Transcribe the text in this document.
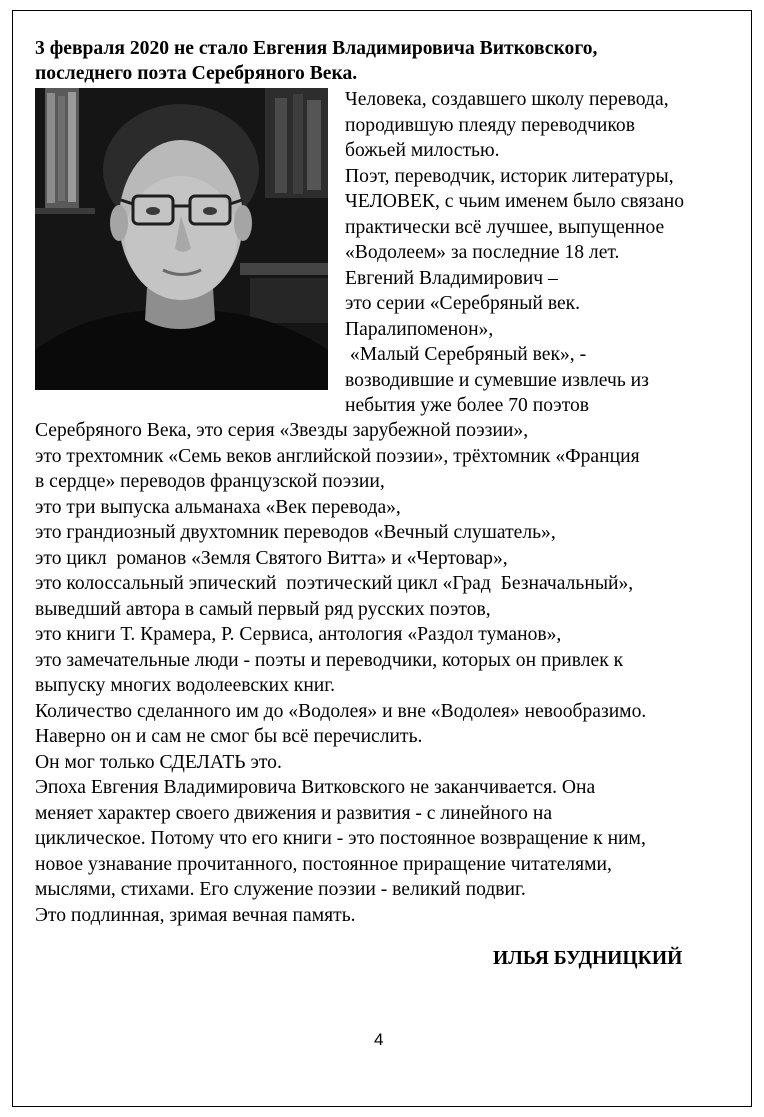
3 февраля 2020 не стало Евгения Владимировича Витковского,
последнего поэта Серебряного Века.
Человека, создавшего школу перевода,
породившую плеяду переводчиков
божьей милостью.
Поэт, переводчик, историк литературы,
ЧЕЛОВЕК, с чьим именем было связано
практически всё лучшее, выпущенное
«Водолеем» за последние 18 лет.
Евгений Владимирович –
это серии «Серебряный век.
Паралипоменон»,
«Малый Серебряный век», -
возводившие и сумевшие извлечь из
небытия уже более 70 поэтов
Серебряного Века, это серия «Звезды зарубежной поэзии»,
это трехтомник «Семь веков английской поэзии», трёхтомник «Франция
в сердце» переводов французской поэзии,
это три выпуска альманаха «Век перевода»,
это грандиозный двухтомник переводов «Вечный слушатель»,
это цикл  романов «Земля Святого Витта» и «Чертовар»,
это колоссальный эпический  поэтический цикл «Град  Безначальный»,
выведший автора в самый первый ряд русских поэтов,
это книги Т. Крамера, Р. Сервиса, антология «Раздол туманов»,
это замечательные люди - поэты и переводчики, которых он привлек к
выпуску многих водолеевских книг.
Количество сделанного им до «Водолея» и вне «Водолея» невообразимо.
Наверно он и сам не смог бы всё перечислить.
Он мог только СДЕЛАТЬ это.
Эпоха Евгения Владимировича Витковского не заканчивается. Она
меняет характер своего движения и развития - с линейного на
циклическое. Потому что его книги - это постоянное возвращение к ним,
новое узнавание прочитанного, постоянное приращение читателями,
мыслями, стихами. Его служение поэзии - великий подвиг.
Это подлинная, зримая вечная память.
ИЛЬЯ БУДНИЦКИЙ
4
